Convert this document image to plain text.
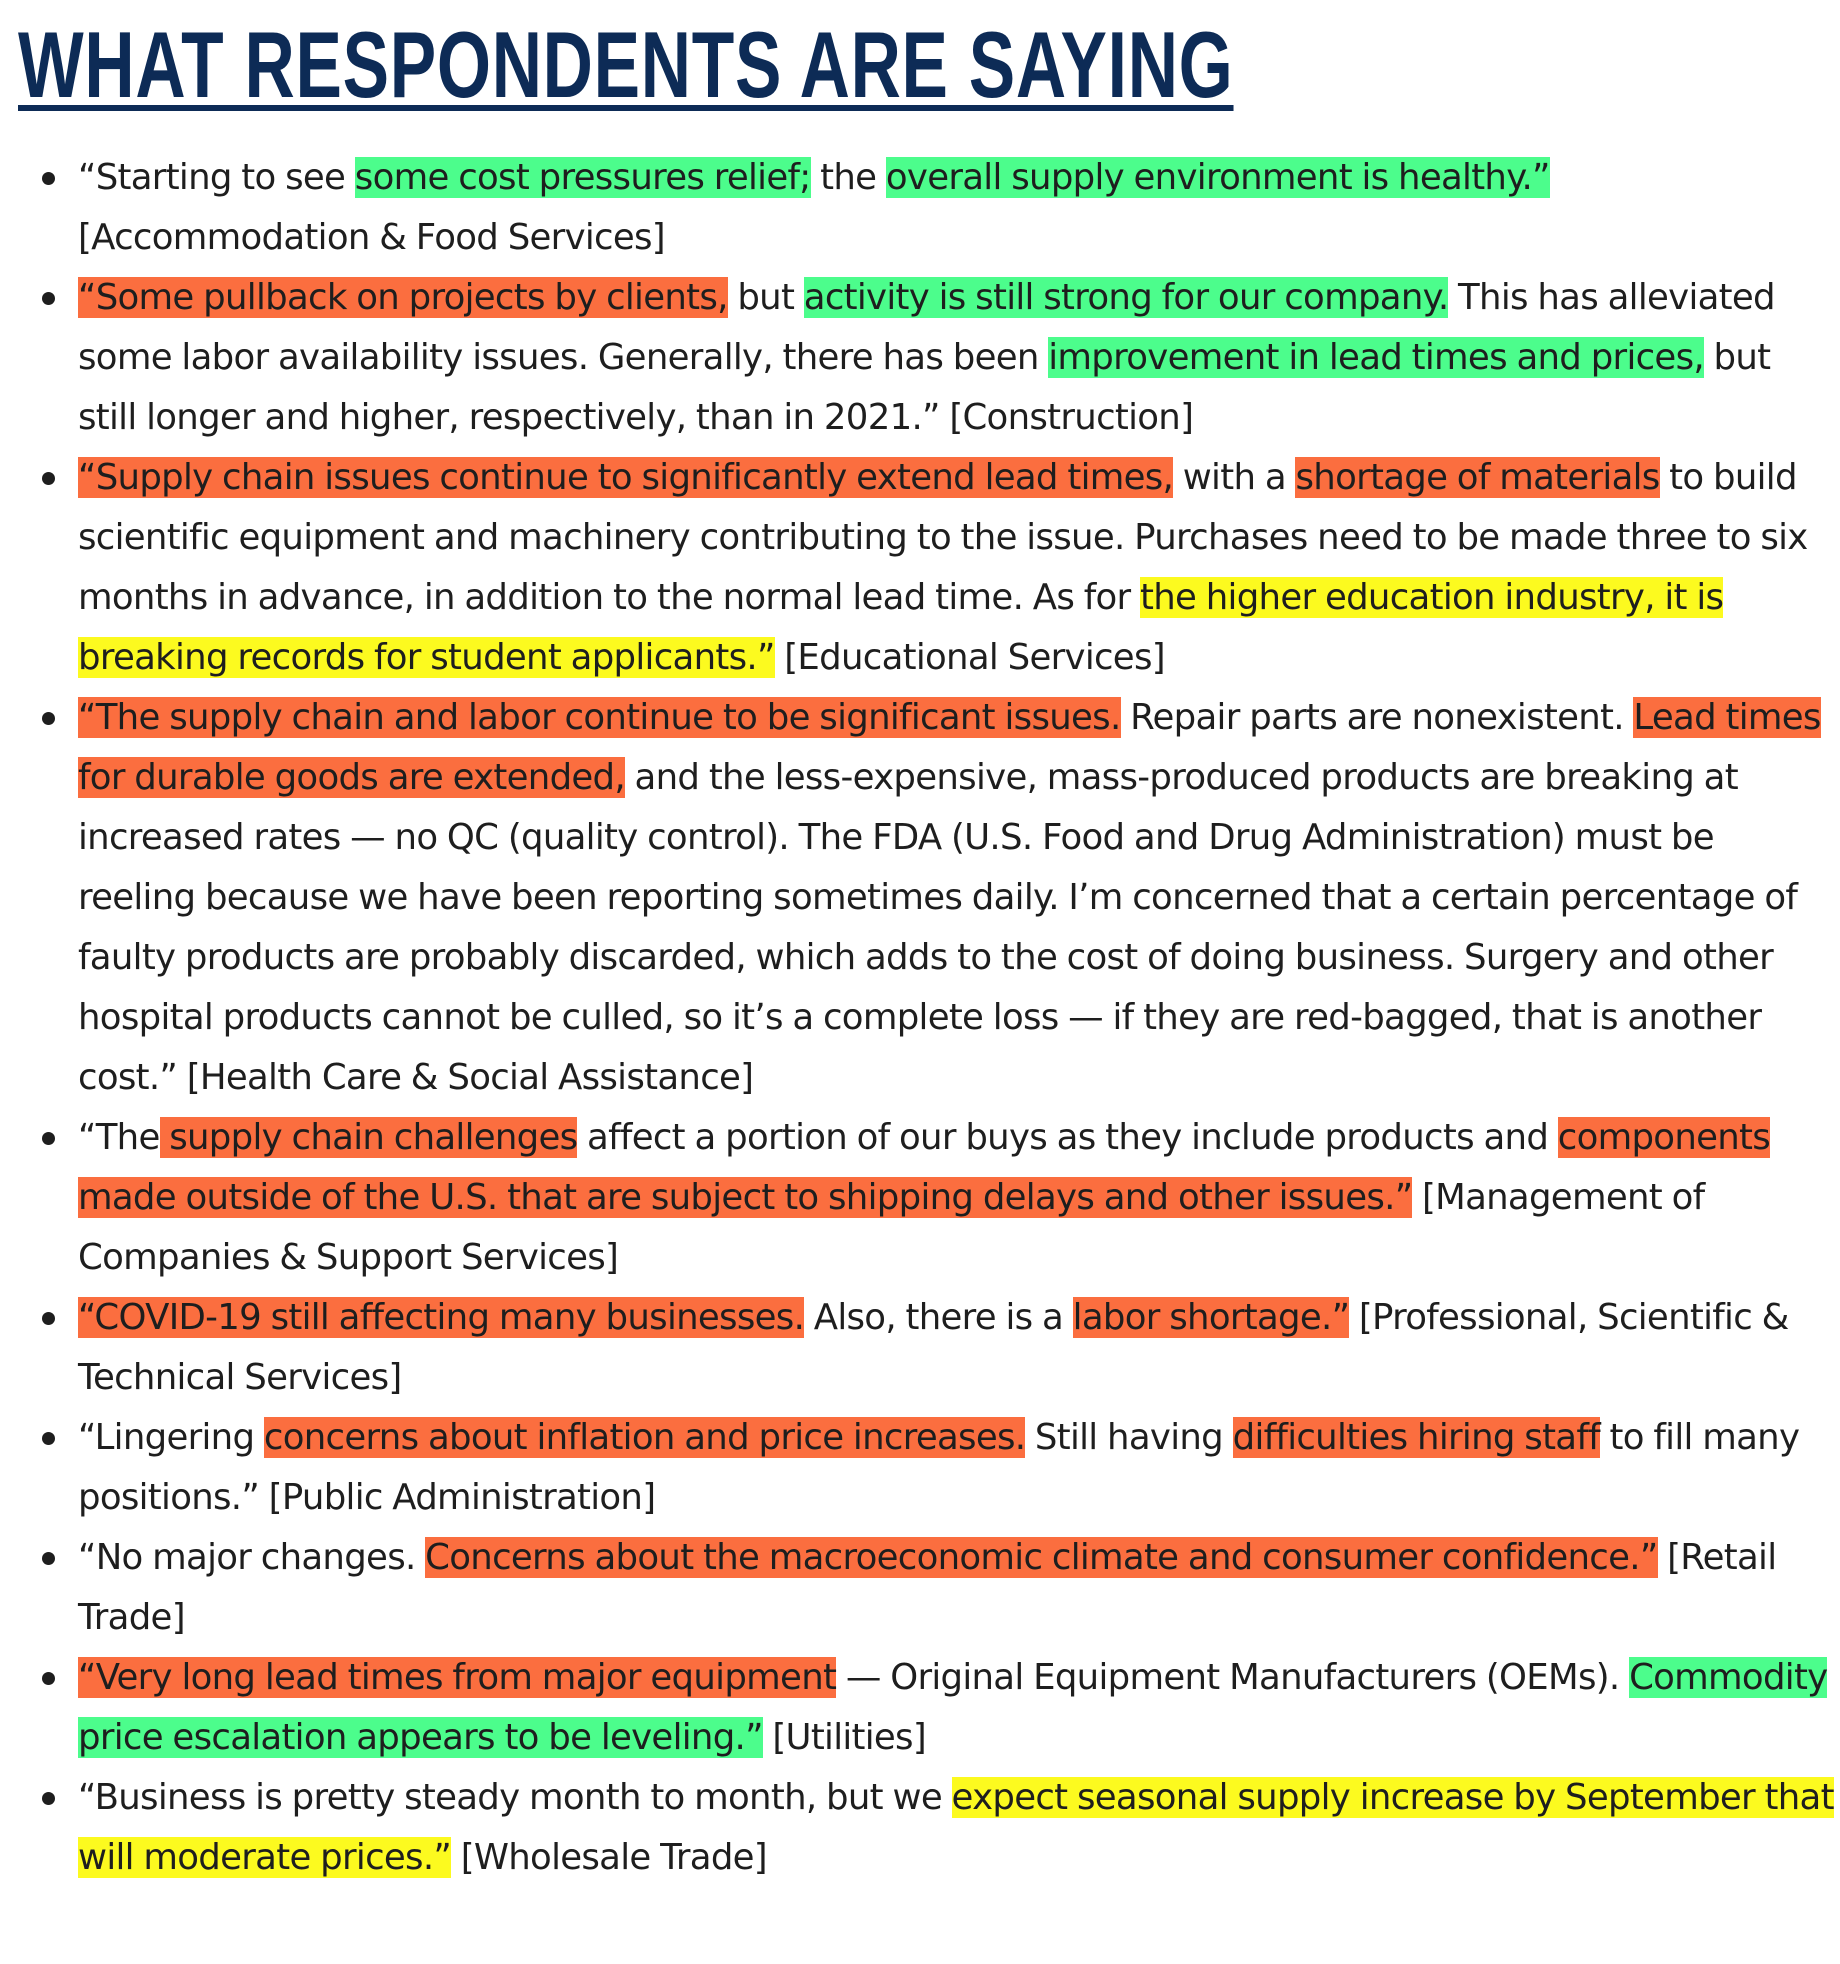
WHAT RESPONDENTS ARE SAYING
“Starting to see some cost pressures relief; the overall supply environment is healthy.” [Accommodation & Food Services]
“Some pullback on projects by clients, but activity is still strong for our company. This has alleviated some labor availability issues. Generally, there has been improvement in lead times and prices, but still longer and higher, respectively, than in 2021.” [Construction]
“Supply chain issues continue to significantly extend lead times, with a shortage of materials to build scientific equipment and machinery contributing to the issue. Purchases need to be made three to six months in advance, in addition to the normal lead time. As for the higher education industry, it is breaking records for student applicants.” [Educational Services]
“The supply chain and labor continue to be significant issues. Repair parts are nonexistent. Lead times for durable goods are extended, and the less-expensive, mass-produced products are breaking at increased rates — no QC (quality control). The FDA (U.S. Food and Drug Administration) must be reeling because we have been reporting sometimes daily. I’m concerned that a certain percentage of faulty products are probably discarded, which adds to the cost of doing business. Surgery and other hospital products cannot be culled, so it’s a complete loss — if they are red-bagged, that is another cost.” [Health Care & Social Assistance]
“The supply chain challenges affect a portion of our buys as they include products and components made outside of the U.S. that are subject to shipping delays and other issues.” [Management of Companies & Support Services]
“COVID-19 still affecting many businesses. Also, there is a labor shortage.” [Professional, Scientific & Technical Services]
“Lingering concerns about inflation and price increases. Still having difficulties hiring staff to fill many positions.” [Public Administration]
“No major changes. Concerns about the macroeconomic climate and consumer confidence.” [Retail Trade]
“Very long lead times from major equipment — Original Equipment Manufacturers (OEMs). Commodity price escalation appears to be leveling.” [Utilities]
“Business is pretty steady month to month, but we expect seasonal supply increase by September that will moderate prices.” [Wholesale Trade]
